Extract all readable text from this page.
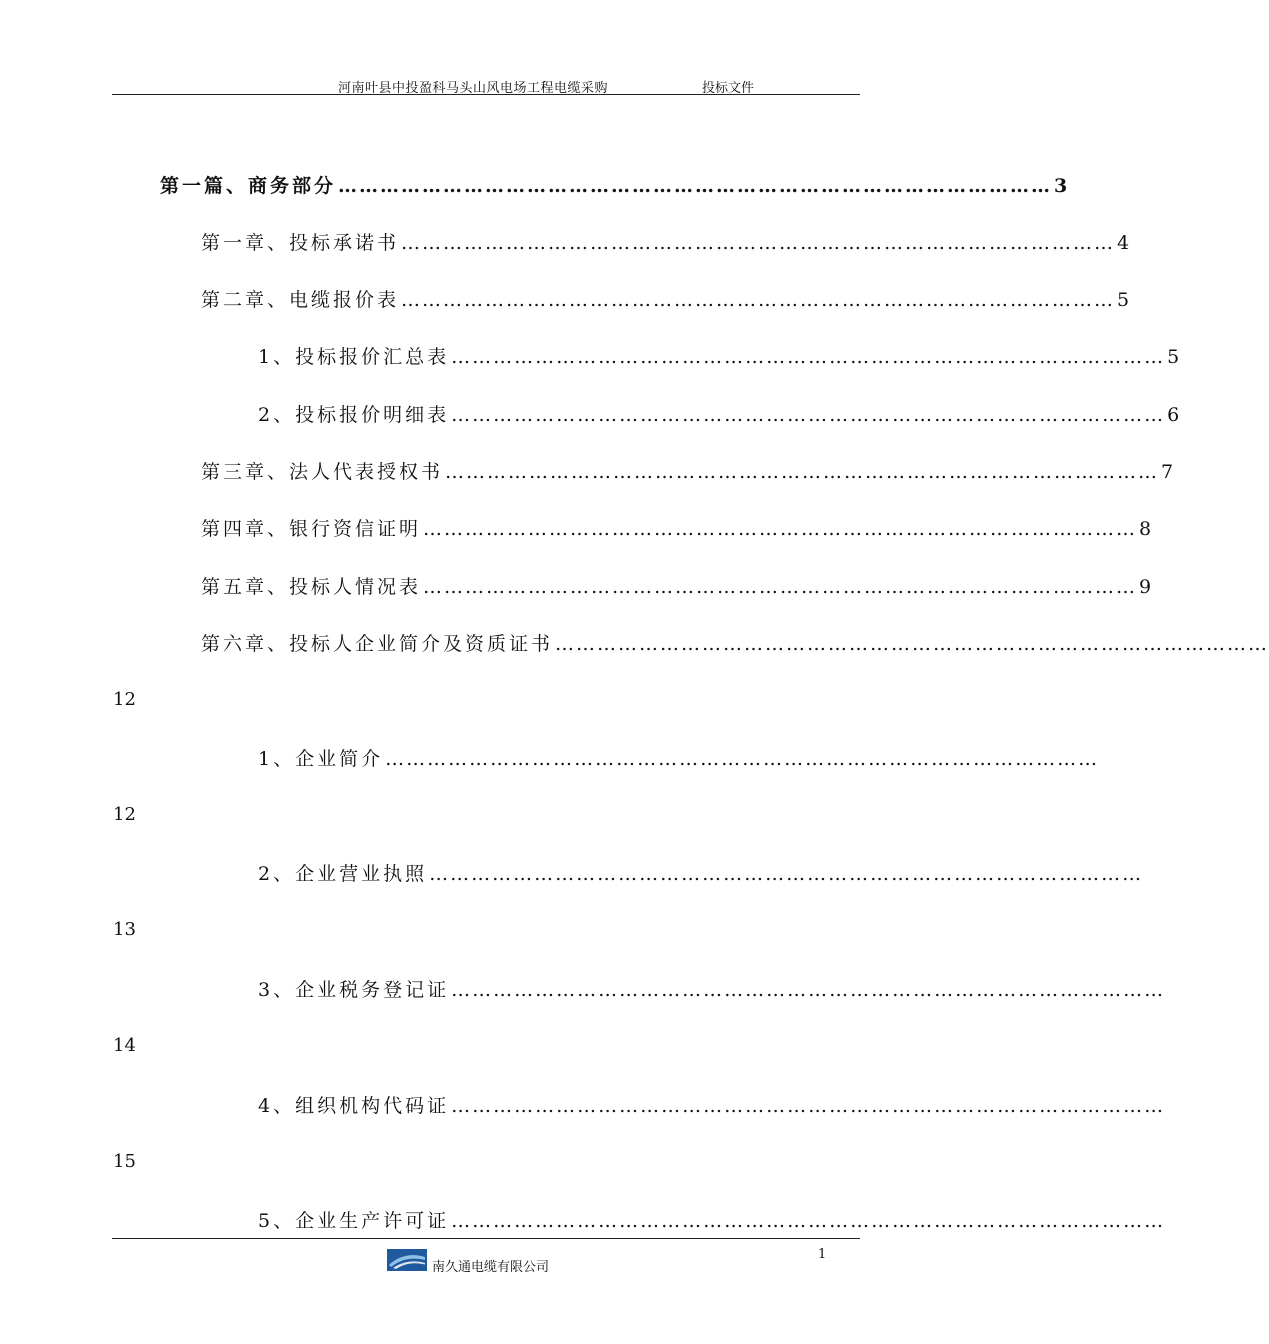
河南叶县中投盈科马头山风电场工程电缆采购	投标文件
第一篇、商务部分 ………………………………………………………………………………………… 3
第一章、投标承诺书 ………………………………………………………………………………………… 4
第二章、电缆报价表 ………………………………………………………………………………………… 5
1、投标报价汇总表 ………………………………………………………………………………………… 5
2、投标报价明细表 ………………………………………………………………………………………… 6
第三章、法人代表授权书 ………………………………………………………………………………………… 7
第四章、银行资信证明 ………………………………………………………………………………………… 8
第五章、投标人情况表 ………………………………………………………………………………………… 9
第六章、投标人企业简介及资质证书 …………………………………………………………………………………………
12
1、企业简介 …………………………………………………………………………………………
12
2、企业营业执照 …………………………………………………………………………………………
13
3、企业税务登记证 …………………………………………………………………………………………
14
4、组织机构代码证 …………………………………………………………………………………………
15
5、企业生产许可证 …………………………………………………………………………………………
南久通电缆有限公司
1
